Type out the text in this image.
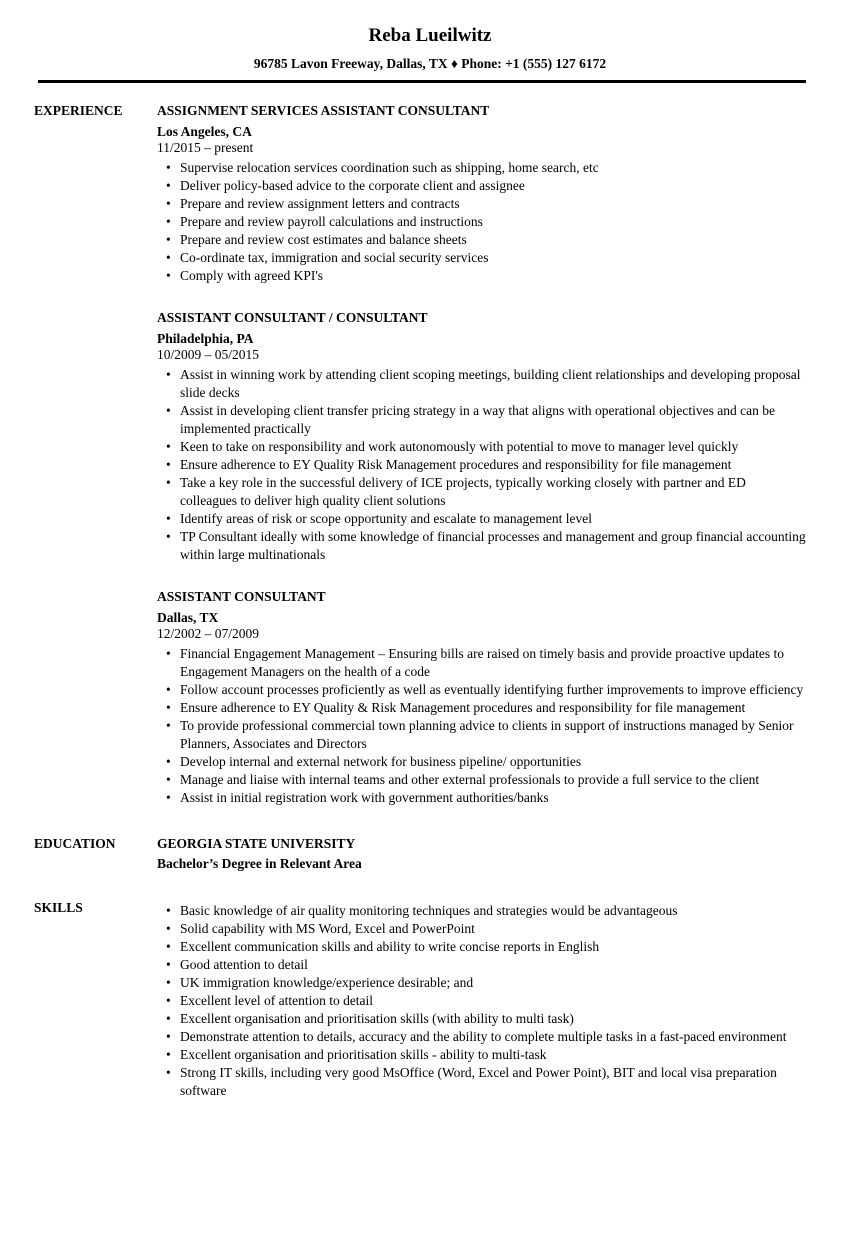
Reba Lueilwitz
96785 Lavon Freeway, Dallas, TX ♦ Phone: +1 (555) 127 6172
EXPERIENCE	ASSIGNMENT SERVICES ASSISTANT CONSULTANT
Los Angeles, CA
11/2015 – present
• Supervise relocation services coordination such as shipping, home search, etc
• Deliver policy-based advice to the corporate client and assignee
• Prepare and review assignment letters and contracts
• Prepare and review payroll calculations and instructions
• Prepare and review cost estimates and balance sheets
• Co-ordinate tax, immigration and social security services
• Comply with agreed KPI's
ASSISTANT CONSULTANT / CONSULTANT
Philadelphia, PA
10/2009 – 05/2015
• Assist in winning work by attending client scoping meetings, building client relationships and developing proposal slide decks
• Assist in developing client transfer pricing strategy in a way that aligns with operational objectives and can be implemented practically
• Keen to take on responsibility and work autonomously with potential to move to manager level quickly
• Ensure adherence to EY Quality Risk Management procedures and responsibility for file management
• Take a key role in the successful delivery of ICE projects, typically working closely with partner and ED colleagues to deliver high quality client solutions
• Identify areas of risk or scope opportunity and escalate to management level
• TP Consultant ideally with some knowledge of financial processes and management and group financial accounting within large multinationals
ASSISTANT CONSULTANT
Dallas, TX
12/2002 – 07/2009
• Financial Engagement Management – Ensuring bills are raised on timely basis and provide proactive updates to Engagement Managers on the health of a code
• Follow account processes proficiently as well as eventually identifying further improvements to improve efficiency
• Ensure adherence to EY Quality & Risk Management procedures and responsibility for file management
• To provide professional commercial town planning advice to clients in support of instructions managed by Senior Planners, Associates and Directors
• Develop internal and external network for business pipeline/ opportunities
• Manage and liaise with internal teams and other external professionals to provide a full service to the client
• Assist in initial registration work with government authorities/banks
EDUCATION	GEORGIA STATE UNIVERSITY
Bachelor’s Degree in Relevant Area
SKILLS	• Basic knowledge of air quality monitoring techniques and strategies would be advantageous
• Solid capability with MS Word, Excel and PowerPoint
• Excellent communication skills and ability to write concise reports in English
• Good attention to detail
• UK immigration knowledge/experience desirable; and
• Excellent level of attention to detail
• Excellent organisation and prioritisation skills (with ability to multi task)
• Demonstrate attention to details, accuracy and the ability to complete multiple tasks in a fast-paced environment
• Excellent organisation and prioritisation skills - ability to multi-task
• Strong IT skills, including very good MsOffice (Word, Excel and Power Point), BIT and local visa preparation software
